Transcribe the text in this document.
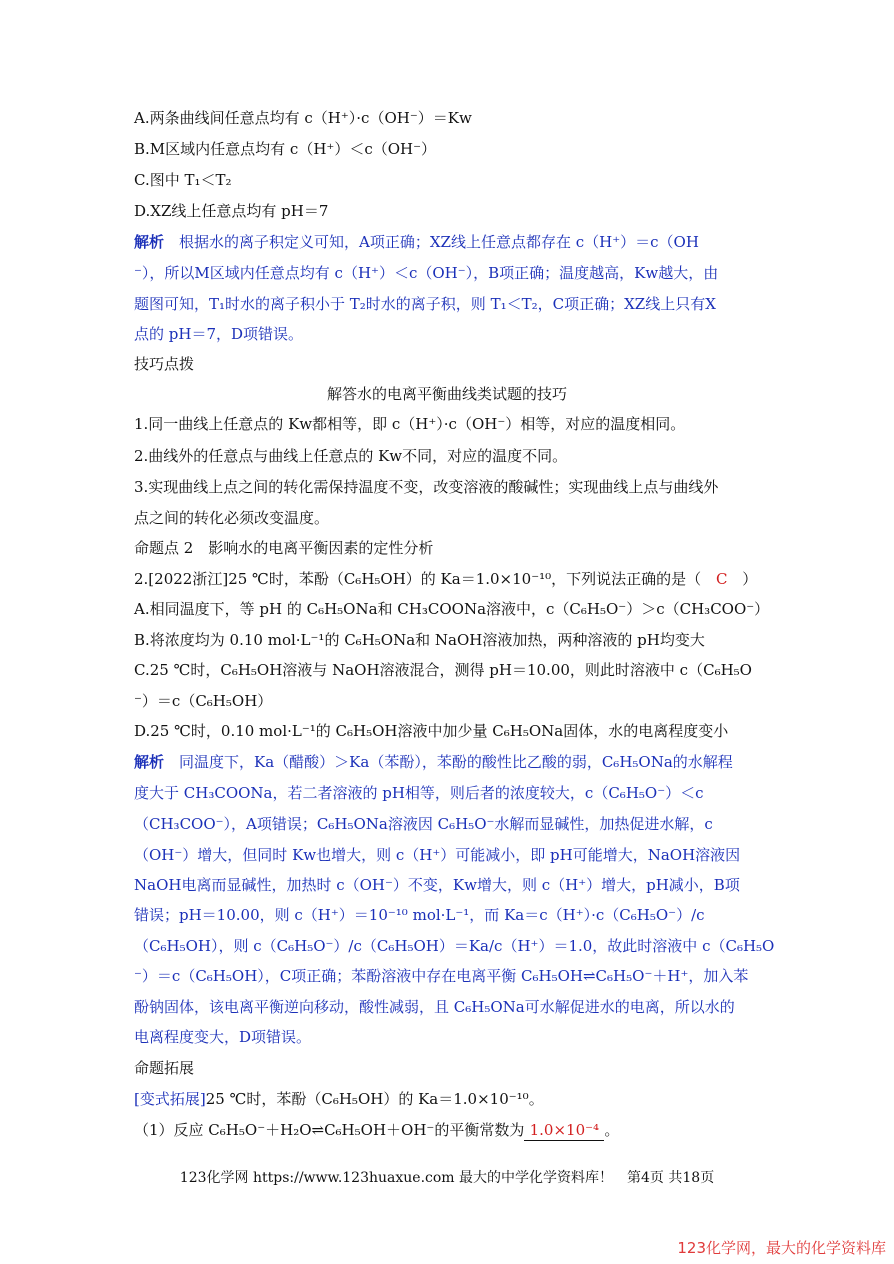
A.两条曲线间任意点均有 c（H⁺）·c（OH⁻）＝Kw
B.M区域内任意点均有 c（H⁺）＜c（OH⁻）
C.图中 T₁＜T₂
D.XZ线上任意点均有 pH＝7
解析　 根据水的离子积定义可知，A项正确；XZ线上任意点都存在 c（H⁺）＝c（OH
⁻），所以M区域内任意点均有 c（H⁺）＜c（OH⁻），B项正确；温度越高，Kw越大，由
题图可知，T₁时水的离子积小于 T₂时水的离子积，则 T₁＜T₂，C项正确；XZ线上只有X
点的 pH＝7，D项错误。
技巧点拨
解答水的电离平衡曲线类试题的技巧
1.同一曲线上任意点的 Kw都相等，即 c（H⁺）·c（OH⁻）相等，对应的温度相同。
2.曲线外的任意点与曲线上任意点的 Kw不同，对应的温度不同。
3.实现曲线上点之间的转化需保持温度不变，改变溶液的酸碱性；实现曲线上点与曲线外
点之间的转化必须改变温度。
命题点 2　影响水的电离平衡因素的定性分析
2.[2022浙江]25 ℃时，苯酚（C₆H₅OH）的 Ka＝1.0×10⁻¹⁰，下列说法正确的是（ C ）
A.相同温度下，等 pH 的 C₆H₅ONa和 CH₃COONa溶液中，c（C₆H₅O⁻）＞c（CH₃COO⁻）
B.将浓度均为 0.10 mol·L⁻¹的 C₆H₅ONa和 NaOH溶液加热，两种溶液的 pH均变大
C.25 ℃时，C₆H₅OH溶液与 NaOH溶液混合，测得 pH＝10.00，则此时溶液中 c（C₆H₅O
⁻）＝c（C₆H₅OH）
D.25 ℃时，0.10 mol·L⁻¹的 C₆H₅OH溶液中加少量 C₆H₅ONa固体，水的电离程度变小
解析　 同温度下，Ka（醋酸）＞Ka（苯酚），苯酚的酸性比乙酸的弱，C₆H₅ONa的水解程
度大于 CH₃COONa，若二者溶液的 pH相等，则后者的浓度较大，c（C₆H₅O⁻）＜c
（CH₃COO⁻），A项错误；C₆H₅ONa溶液因 C₆H₅O⁻水解而显碱性，加热促进水解，c
（OH⁻）增大，但同时 Kw也增大，则 c（H⁺）可能减小，即 pH可能增大，NaOH溶液因
NaOH电离而显碱性，加热时 c（OH⁻）不变，Kw增大，则 c（H⁺）增大，pH减小，B项
错误；pH＝10.00，则 c（H⁺）＝10⁻¹⁰ mol·L⁻¹，而 Ka＝c（H⁺）·c（C₆H₅O⁻）/c
（C₆H₅OH），则 c（C₆H₅O⁻）/c（C₆H₅OH）＝Ka/c（H⁺）＝1.0，故此时溶液中 c（C₆H₅O
⁻）＝c（C₆H₅OH），C项正确；苯酚溶液中存在电离平衡 C₆H₅OH⇌C₆H₅O⁻＋H⁺，加入苯
酚钠固体，该电离平衡逆向移动，酸性减弱，且 C₆H₅ONa可水解促进水的电离，所以水的
电离程度变大，D项错误。
命题拓展
[变式拓展]25 ℃时，苯酚（C₆H₅OH）的 Ka＝1.0×10⁻¹⁰。
（1）反应 C₆H₅O⁻＋H₂O⇌C₆H₅OH＋OH⁻的平衡常数为 1.0×10⁻⁴ 。
123化学网 https://www.123huaxue.com 最大的中学化学资料库！　第4页 共18页
123化学网，最大的化学资料库
